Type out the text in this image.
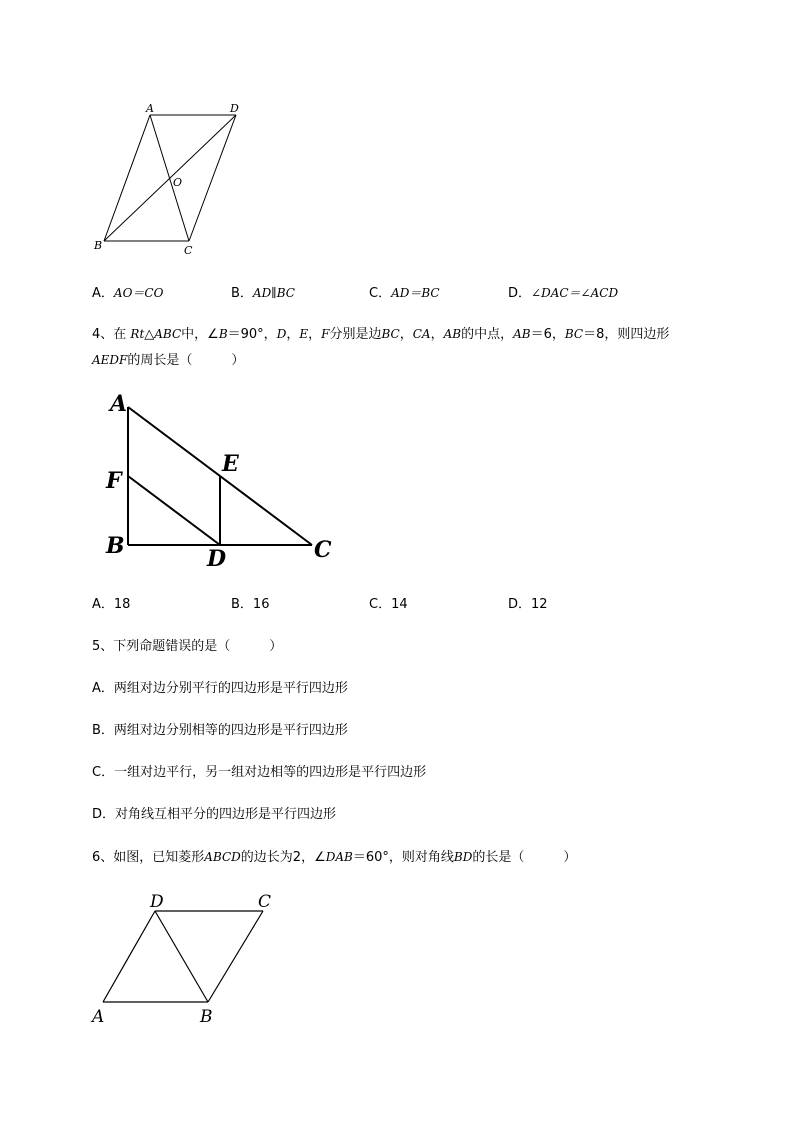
A	D
O
B	C
A．AO＝CO	B．AD∥BC	C．AD＝BC	D．∠DAC＝∠ACD
4、在 Rt△ABC中，∠B＝90°，D，E，F分别是边BC，CA，AB的中点，AB＝6，BC＝8，则四边形
AEDF的周长是（　　　）
A
E
F
B	D	C
A．18	B．16	C．14	D．12
5、下列命题错误的是（　　　）
A．两组对边分别平行的四边形是平行四边形
B．两组对边分别相等的四边形是平行四边形
C．一组对边平行，另一组对边相等的四边形是平行四边形
D．对角线互相平分的四边形是平行四边形
6、如图，已知菱形ABCD的边长为2，∠DAB＝60°，则对角线BD的长是（　　　）
D	C
A	B
